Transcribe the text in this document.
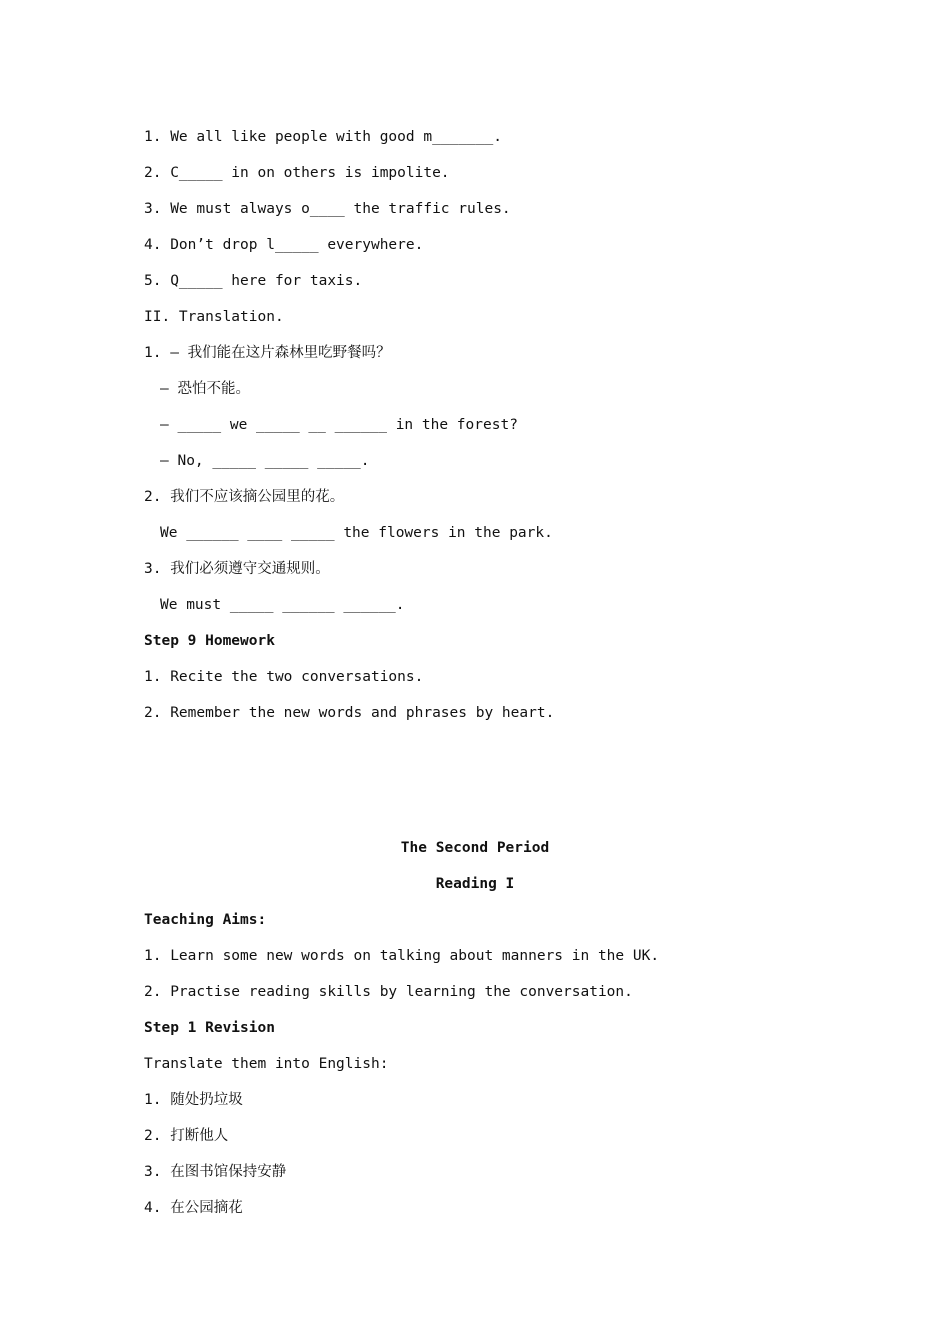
1. We all like people with good m_______.
2. C_____ in on others is impolite.
3. We must always o____ the traffic rules.
4. Don’t drop l_____ everywhere.
5. Q_____ here for taxis.
II. Translation.
1. — 我们能在这片森林里吃野餐吗？
— 恐怕不能。
— _____ we _____ __ ______ in the forest?
— No, _____ _____ _____.
2. 我们不应该摘公园里的花。
We ______ ____ _____ the flowers in the park.
3. 我们必须遵守交通规则。
We must _____ ______ ______.
Step 9 Homework
1. Recite the two conversations.
2. Remember the new words and phrases by heart.
The Second Period
Reading I
Teaching Aims:
1. Learn some new words on talking about manners in the UK.
2. Practise reading skills by learning the conversation.
Step 1 Revision
Translate them into English:
1. 随处扔垃圾
2. 打断他人
3. 在图书馆保持安静
4. 在公园摘花
